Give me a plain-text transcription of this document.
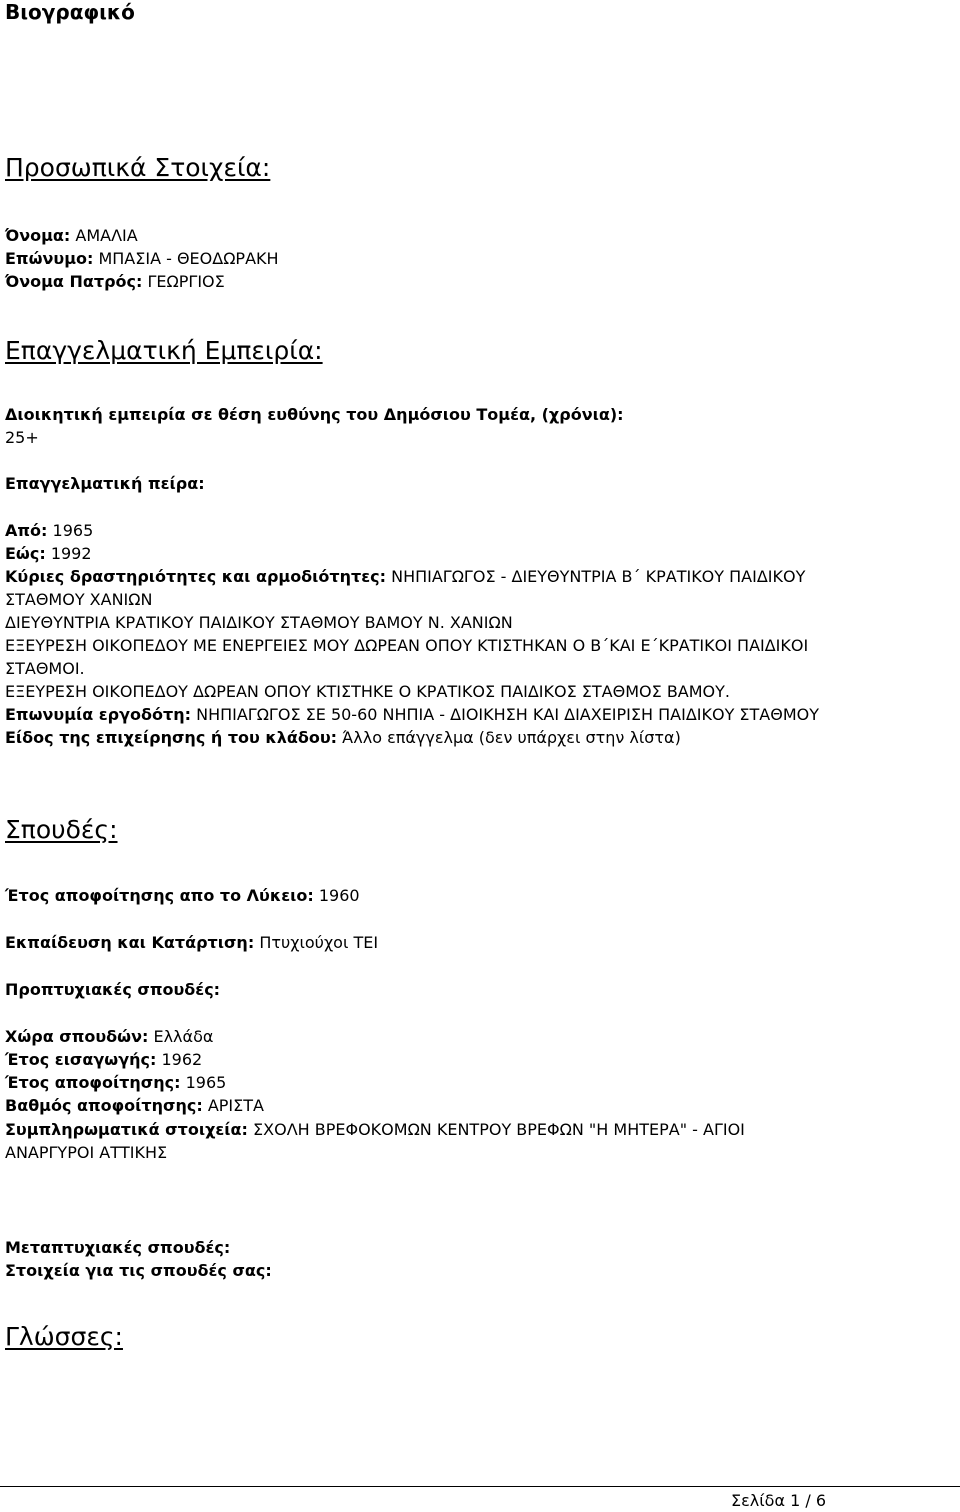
Βιογραφικό
Προσωπικά Στοιχεία:
Όνομα: ΑΜΑΛΙΑ
Επώνυμο: ΜΠΑΣΙΑ - ΘΕΟΔΩΡΑΚΗ
Όνομα Πατρός: ΓΕΩΡΓΙΟΣ
Επαγγελματική Εμπειρία:
Διοικητική εμπειρία σε θέση ευθύνης του Δημόσιου Τομέα, (χρόνια):
25+
Επαγγελματική πείρα:
Από: 1965
Εώς: 1992
Κύριες δραστηριότητες και αρμοδιότητες: ΝΗΠΙΑΓΩΓΟΣ - ΔΙΕΥΘΥΝΤΡΙΑ Β΄ ΚΡΑΤΙΚΟΥ ΠΑΙΔΙΚΟΥ
ΣΤΑΘΜΟΥ ΧΑΝΙΩΝ
ΔΙΕΥΘΥΝΤΡΙΑ ΚΡΑΤΙΚΟΥ ΠΑΙΔΙΚΟΥ ΣΤΑΘΜΟΥ ΒΑΜΟΥ Ν. ΧΑΝΙΩΝ
ΕΞΕΥΡΕΣΗ ΟΙΚΟΠΕΔΟΥ ΜΕ ΕΝΕΡΓΕΙΕΣ ΜΟΥ ΔΩΡΕΑΝ ΟΠΟΥ ΚΤΙΣΤΗΚΑΝ Ο Β΄ΚΑΙ Ε΄ΚΡΑΤΙΚΟΙ ΠΑΙΔΙΚΟΙ
ΣΤΑΘΜΟΙ.
ΕΞΕΥΡΕΣΗ ΟΙΚΟΠΕΔΟΥ ΔΩΡΕΑΝ ΟΠΟΥ ΚΤΙΣΤΗΚΕ Ο ΚΡΑΤΙΚΟΣ ΠΑΙΔΙΚΟΣ ΣΤΑΘΜΟΣ ΒΑΜΟΥ.
Επωνυμία εργοδότη: ΝΗΠΙΑΓΩΓΟΣ ΣΕ 50-60 ΝΗΠΙΑ - ΔΙΟΙΚΗΣΗ ΚΑΙ ΔΙΑΧΕΙΡΙΣΗ ΠΑΙΔΙΚΟΥ ΣΤΑΘΜΟΥ
Είδος της επιχείρησης ή του κλάδου: Άλλο επάγγελμα (δεν υπάρχει στην λίστα)
Σπουδές:
Έτος αποφοίτησης απο το Λύκειο: 1960
Εκπαίδευση και Κατάρτιση: Πτυχιούχοι ΤΕΙ
Προπτυχιακές σπουδές:
Χώρα σπουδών: Ελλάδα
Έτος εισαγωγής: 1962
Έτος αποφοίτησης: 1965
Βαθμός αποφοίτησης: ΑΡΙΣΤΑ
Συμπληρωματικά στοιχεία: ΣΧΟΛΗ ΒΡΕΦΟΚΟΜΩΝ ΚΕΝΤΡΟΥ ΒΡΕΦΩΝ "Η ΜΗΤΕΡΑ" - ΑΓΙΟΙ
ΑΝΑΡΓΥΡΟΙ ΑΤΤΙΚΗΣ
Μεταπτυχιακές σπουδές:
Στοιχεία για τις σπουδές σας:
Γλώσσες:
Σελίδα 1 / 6
